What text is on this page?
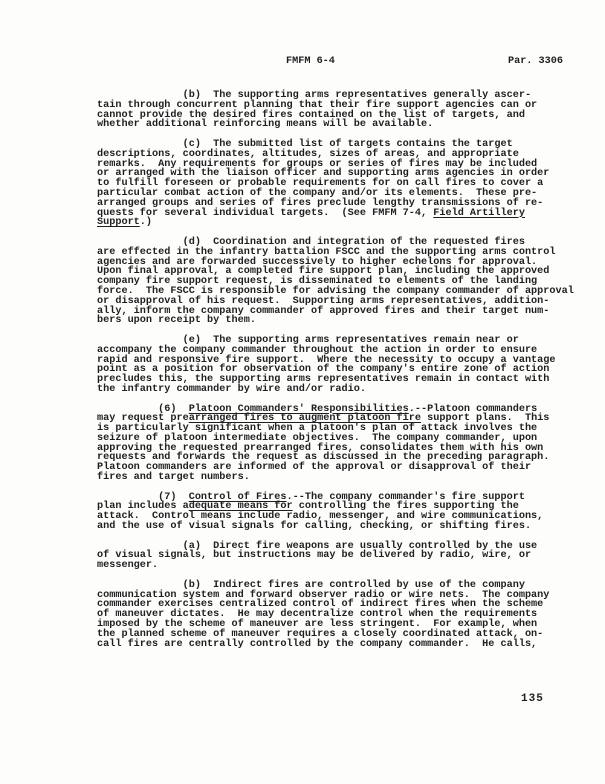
FMFM 6-4	Par. 3306
(b)  The supporting arms representatives generally ascer-
tain through concurrent planning that their fire support agencies can or
cannot provide the desired fires contained on the list of targets, and
whether additional reinforcing means will be available.
(c)  The submitted list of targets contains the target
descriptions, coordinates, altitudes, sizes of areas, and appropriate
remarks.  Any requirements for groups or series of fires may be included
or arranged with the liaison officer and supporting arms agencies in order
to fulfill foreseen or probable requirements for on call fires to cover a
particular combat action of the company and/or its elements.  These pre-
arranged groups and series of fires preclude lengthy transmissions of re-
quests for several individual targets.  (See FMFM 7-4, Field Artillery
Support.)
(d)  Coordination and integration of the requested fires
are effected in the infantry battalion FSCC and the supporting arms control
agencies and are forwarded successively to higher echelons for approval.
Upon final approval, a completed fire support plan, including the approved
company fire support request, is disseminated to elements of the landing
force.  The FSCC is responsible for advising the company commander of approval
or disapproval of his request.  Supporting arms representatives, addition-
ally, inform the company commander of approved fires and their target num-
bers upon receipt by them.
(e)  The supporting arms representatives remain near or
accompany the company commander throughout the action in order to ensure
rapid and responsive fire support.  Where the necessity to occupy a vantage
point as a position for observation of the company's entire zone of action
precludes this, the supporting arms representatives remain in contact with
the infantry commander by wire and/or radio.
(6)  Platoon Commanders' Responsibilities.--Platoon commanders
may request prearranged fires to augment platoon fire support plans.  This
is particularly significant when a platoon's plan of attack involves the
seizure of platoon intermediate objectives.  The company commander, upon
approving the requested prearranged fires, consolidates them with his own
requests and forwards the request as discussed in the preceding paragraph.
Platoon commanders are informed of the approval or disapproval of their
fires and target numbers.
(7)  Control of Fires.--The company commander's fire support
plan includes adequate means for controlling the fires supporting the
attack.  Control means include radio, messenger, and wire communications,
and the use of visual signals for calling, checking, or shifting fires.
(a)  Direct fire weapons are usually controlled by the use
of visual signals, but instructions may be delivered by radio, wire, or
messenger.
(b)  Indirect fires are controlled by use of the company
communication system and forward observer radio or wire nets.  The company
commander exercises centralized control of indirect fires when the scheme
of maneuver dictates.  He may decentralize control when the requirements
imposed by the scheme of maneuver are less stringent.  For example, when
the planned scheme of maneuver requires a closely coordinated attack, on-
call fires are centrally controlled by the company commander.  He calls,
135
